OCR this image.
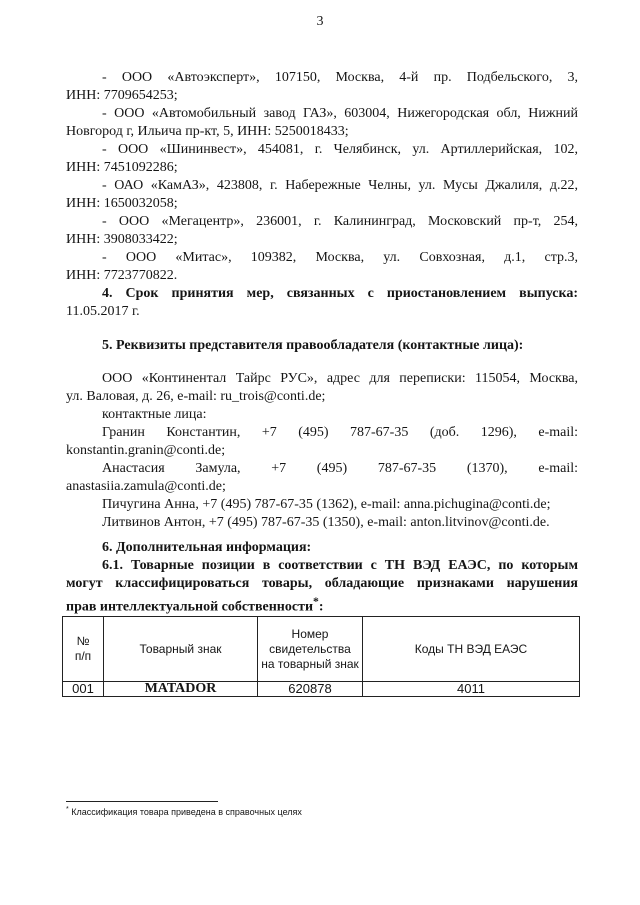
3

- ООО «Автоэксперт», 107150, Москва, 4-й пр. Подбельского, 3,

ИНН: 7709654253;

- ООО «Автомобильный завод ГАЗ», 603004, Нижегородская обл, Нижний

Новгород г, Ильича пр-кт, 5, ИНН: 5250018433;

- ООО «Шининвест», 454081, г. Челябинск, ул. Артиллерийская, 102,

ИНН: 7451092286;

- ОАО «КамАЗ», 423808, г. Набережные Челны, ул. Мусы Джалиля, д.22,

ИНН: 1650032058;

- ООО «Мегацентр», 236001, г. Калининград, Московский пр-т, 254,

ИНН: 3908033422;

- ООО «Митас», 109382, Москва, ул. Совхозная, д.1, стр.3,

ИНН: 7723770822.

4. Срок принятия мер, связанных с приостановлением выпуска:

11.05.2017 г.

5. Реквизиты представителя правообладателя (контактные лица):

ООО «Континентал Тайрс РУС», адрес для переписки: 115054, Москва,

ул. Валовая, д. 26, e-mail: ru_trois@conti.de;

контактные лица:

Гранин Константин, +7 (495) 787-67-35 (доб. 1296), e-mail:

konstantin.granin@conti.de;

Анастасия Замула, +7 (495) 787-67-35 (1370), e-mail:

anastasiia.zamula@conti.de;

Пичугина Анна, +7 (495) 787-67-35 (1362), e-mail: anna.pichugina@conti.de;

Литвинов Антон, +7 (495) 787-67-35 (1350), e-mail: anton.litvinov@conti.de.

6. Дополнительная информация:

6.1. Товарные позиции в соответствии с ТН ВЭД ЕАЭС, по которым

могут классифицироваться товары, обладающие признаками нарушения

прав интеллектуальной собственности*:

№
п/п	Товарный знак	Номер свидетельства на товарный знак	Коды ТН ВЭД ЕАЭС
001	MATADOR	620878	4011
* Классификация товара приведена в справочных целях
